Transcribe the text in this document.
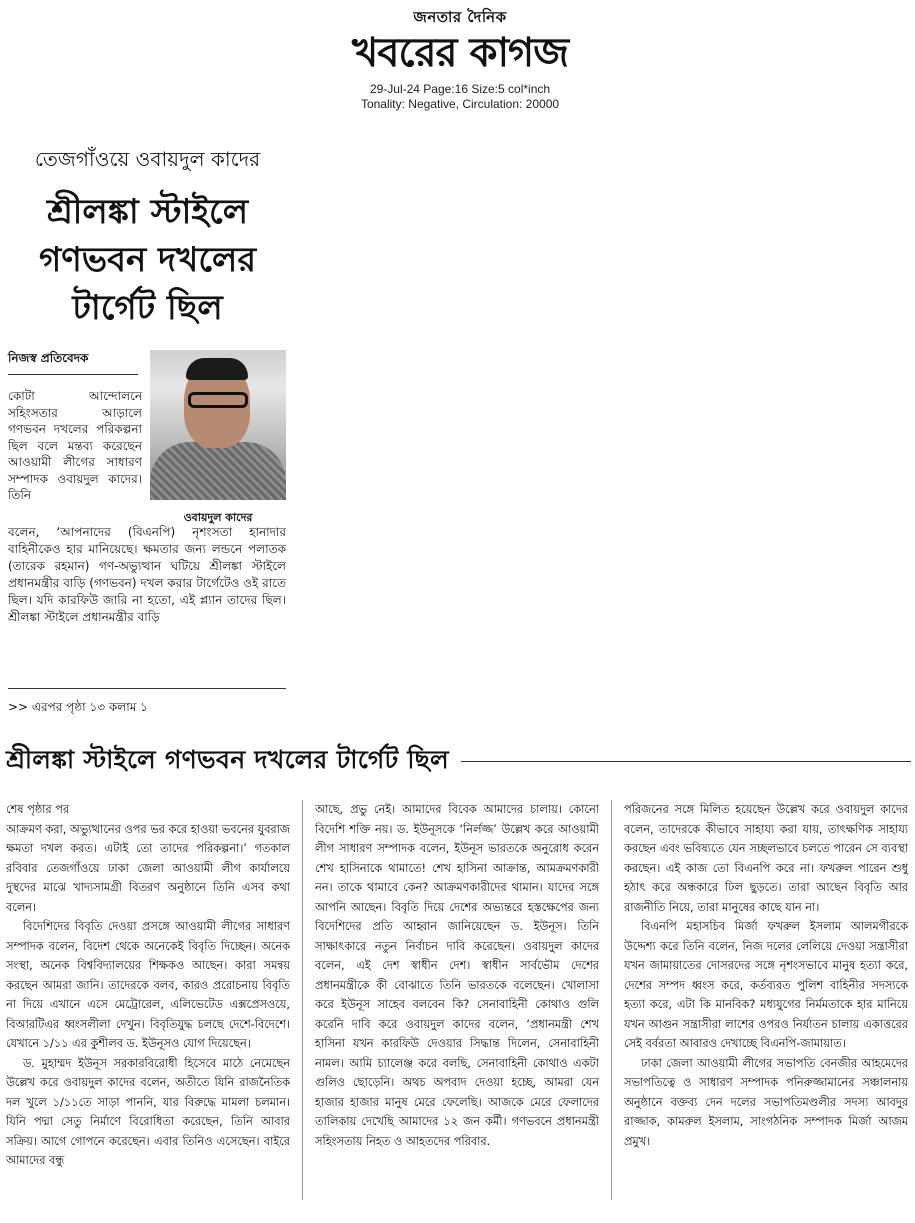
জনতার দৈনিক
খবরের কাগজ
29-Jul-24 Page:16 Size:5 col*inch
Tonality: Negative, Circulation: 20000
তেজগাঁওয়ে ওবায়দুল কাদের
শ্রীলঙ্কা স্টাইলে গণভবন দখলের টার্গেট ছিল
নিজস্ব প্রতিবেদক
ওবায়দুল কাদের
কোটা আন্দোলনে সহিংসতার আড়ালে গণভবন দখলের পরিকল্পনা ছিল বলে মন্তব্য করেছেন আওয়ামী লীগের সাধারণ সম্পাদক ওবায়দুল কাদের। তিনি
বলেন, ‘আপনাদের (বিএনপি) নৃশংসতা হানাদার বাহিনীকেও হার মানিয়েছে। ক্ষমতার জন্য লন্ডনে পলাতক (তারেক রহমান) গণ-অভ্যুত্থান ঘটিয়ে শ্রীলঙ্কা স্টাইলে প্রধানমন্ত্রীর বাড়ি (গণভবন) দখল করার টার্গেটেও ওই রাতে ছিল। যদি কারফিউ জারি না হতো, এই প্ল্যান তাদের ছিল। শ্রীলঙ্কা স্টাইলে প্রধানমন্ত্রীর বাড়ি
>> এরপর পৃষ্ঠা ১৩ কলাম ১
শ্রীলঙ্কা স্টাইলে গণভবন দখলের টার্গেট ছিল

শেষ পৃষ্ঠার পর

আক্রমণ করা, অভ্যুত্থানের ওপর ভর করে হাওয়া ভবনের যুবরাজ ক্ষমতা দখল করত। এটাই তো তাদের পরিকল্পনা।’ গতকাল রবিবার তেজগাঁওয়ে ঢাকা জেলা আওয়ামী লীগ কার্যালয়ে দুস্থদের মাঝে খাদ্যসামগ্রী বিতরণ অনুষ্ঠানে তিনি এসব কথা বলেন।

বিদেশিদের বিবৃতি দেওয়া প্রসঙ্গে আওয়ামী লীগের সাধারণ সম্পাদক বলেন, বিদেশ থেকে অনেকেই বিবৃতি দিচ্ছেন। অনেক সংস্থা, অনেক বিশ্ববিদ্যালয়ের শিক্ষকও আছেন। কারা সমন্বয় করছেন আমরা জানি। তাদেরকে বলব, কারও প্ররোচনায় বিবৃতি না দিয়ে এখানে এসে মেট্রোরেল, এলিভেটেড এক্সপ্রেসওয়ে, বিআরটিএর ধ্বংসলীলা দেখুন। বিবৃতিযুদ্ধ চলছে দেশে-বিদেশে। যেখানে ১/১১ এর কুশীলব ড. ইউনূসও যোগ দিয়েছেন।

ড. মুহাম্মদ ইউনূস সরকারবিরোধী হিসেবে মাঠে নেমেছেন উল্লেখ করে ওবায়দুল কাদের বলেন, অতীতে যিনি রাজনৈতিক দল খুলে ১/১১তে সাড়া পাননি, যার বিরুদ্ধে মামলা চলমান। যিনি পদ্মা সেতু নির্মাণে বিরোধিতা করেছেন, তিনি আবার সক্রিয়। আগে গোপনে করেছেন। এবার তিনিও এসেছেন। বাইরে আমাদের বন্ধু

আছে, প্রভু নেই। আমাদের বিবেক আমাদের চালায়। কোনো বিদেশি শক্তি নয়। ড. ইউনূসকে ‘নির্লজ্জ’ উল্লেখ করে আওয়ামী লীগ সাধারণ সম্পাদক বলেন, ইউনূস ভারতকে অনুরোধ করেন শেখ হাসিনাকে থামাতে! শেখ হাসিনা আক্রান্ত, আমক্রমণকারী নন। তাকে থামাবে কেন? আক্রমণকারীদের থামান। যাদের সঙ্গে আপনি আছেন। বিবৃতি দিয়ে দেশের অভ্যন্তরে হস্তক্ষেপের জন্য বিদেশিদের প্রতি আহ্বান জানিয়েছেন ড. ইউনূস। তিনি সাক্ষাৎকারে নতুন নির্বাচন দাবি করেছেন। ওবায়দুল কাদের বলেন, এই দেশ স্বাধীন দেশ। স্বাধীন সার্বভৌম দেশের প্রধানমন্ত্রীকে কী বোঝাতে তিনি ভারতকে বলেছেন। খোলাসা করে ইউনূস সাহেব বলবেন কি? সেনাবাহিনী কোথাও গুলি করেনি দাবি করে ওবায়দুল কাদের বলেন, ‘প্রধানমন্ত্রী শেখ হাসিনা যখন কারফিউ দেওয়ার সিদ্ধান্ত দিলেন, সেনাবাহিনী নামল। আমি চ্যালেঞ্জ করে বলছি, সেনাবাহিনী কোথাও একটা গুলিও ছোড়েনি। অথচ অপবাদ দেওয়া হচ্ছে, আমরা যেন হাজার হাজার মানুষ মেরে ফেলেছি। আজকে মেরে ফেলাদের তালিকায় দেখেছি আমাদের ১২ জন কর্মী। গণভবনে প্রধানমন্ত্রী সহিংসতায় নিহত ও আহতদের পরিবার.

পরিজনের সঙ্গে মিলিত হয়েছেন উল্লেখ করে ওবায়দুল কাদের বলেন, তাদেরকে কীভাবে সাহায্য করা যায়, তাৎক্ষণিক সাহায্য করছেন এবং ভবিষ্যতে যেন সচ্ছলভাবে চলতে পারেন সে ব্যবস্থা করছেন। এই কাজ তো বিএনপি করে না। ফখরুল পারেন শুধু হঠাৎ করে অন্ধকারে ঢিল ছুড়তে। তারা আছেন বিবৃতি আর রাজনীতি নিয়ে, তারা মানুষের কাছে যান না।

বিএনপি মহাসচিব মির্জা ফখরুল ইসলাম আলমগীরকে উদ্দেশ্য করে তিনি বলেন, নিজ দলের লেলিয়ে দেওয়া সন্ত্রাসীরা যখন জামায়াতের দোসরদের সঙ্গে নৃশংসভাবে মানুষ হত্যা করে, দেশের সম্পদ ধ্বংস করে, কর্তব্যরত পুলিশ বাহিনীর সদস্যকে হত্যা করে, এটা কি মানবিক? মধ্যযুগের নির্মমতাকে হার মানিয়ে যখন আগুন সন্ত্রাসীরা লাশের ওপরও নির্যাতন চালায় একাত্তরের সেই বর্বরতা আবারও দেখাচ্ছে বিএনপি-জামায়াত।

ঢাকা জেলা আওয়ামী লীগের সভাপতি বেনজীর আহমেদের সভাপতিত্বে ও সাধারণ সম্পাদক পনিরুজ্জামানের সঞ্চালনায় অনুষ্ঠানে বক্তব্য দেন দলের সভাপতিমণ্ডলীর সদস্য আবদুর রাজ্জাক, কামরুল ইসলাম, সাংগঠনিক সম্পাদক মির্জা আজম প্রমুখ।
